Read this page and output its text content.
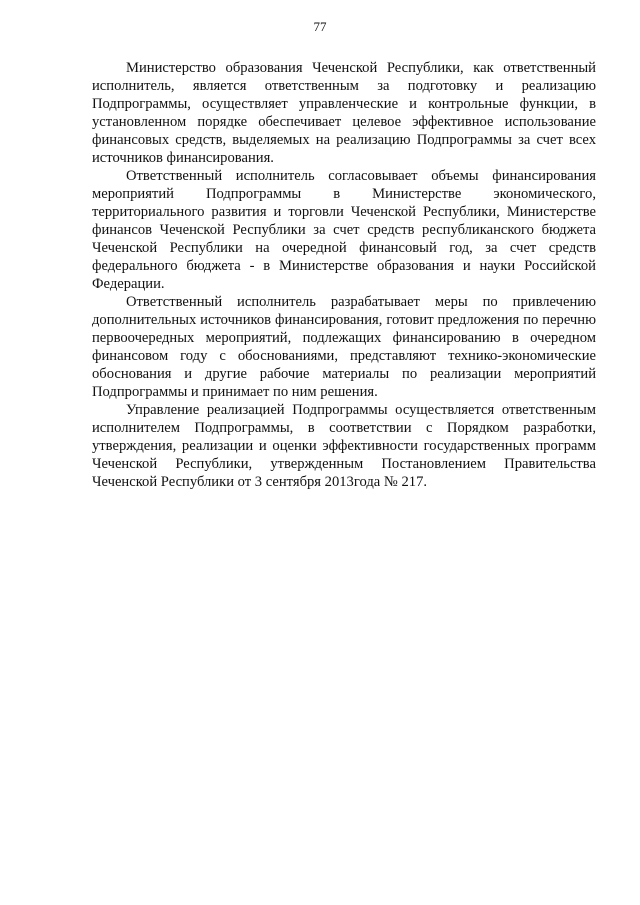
77

Министерство образования Чеченской Республики, как ответственный исполнитель, является ответственным за подготовку и реализацию Подпрограммы, осуществляет управленческие и контрольные функции, в установленном порядке обеспечивает целевое эффективное использование финансовых средств, выделяемых на реализацию Подпрограммы за счет всех источников финансирования.

Ответственный исполнитель согласовывает объемы финансирования мероприятий Подпрограммы в Министерстве экономического, территориального развития и торговли Чеченской Республики, Министерстве финансов Чеченской Республики за счет средств республиканского бюджета Чеченской Республики на очередной финансовый год, за счет средств федерального бюджета - в Министерстве образования и науки Российской Федерации.

Ответственный исполнитель разрабатывает меры по привлечению дополнительных источников финансирования, готовит предложения по перечню первоочередных мероприятий, подлежащих финансированию в очередном финансовом году с обоснованиями, представляют технико-экономические обоснования и другие рабочие материалы по реализации мероприятий Подпрограммы и принимает по ним решения.

Управление реализацией Подпрограммы осуществляется ответственным исполнителем Подпрограммы, в соответствии с Порядком разработки, утверждения, реализации и оценки эффективности государственных программ Чеченской Республики, утвержденным Постановлением Правительства Чеченской Республики от 3 сентября 2013года № 217.
